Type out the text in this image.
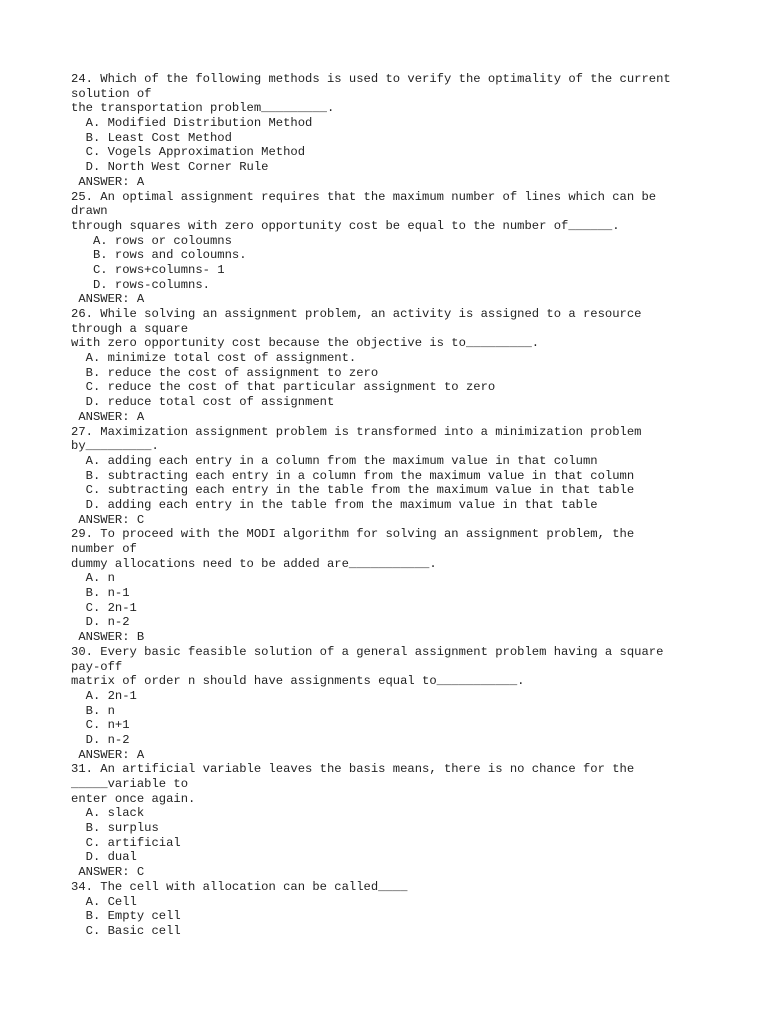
24. Which of the following methods is used to verify the optimality of the current
solution of
the transportation problem_________.
A. Modified Distribution Method
B. Least Cost Method
C. Vogels Approximation Method
D. North West Corner Rule
ANSWER: A
25. An optimal assignment requires that the maximum number of lines which can be
drawn
through squares with zero opportunity cost be equal to the number of______.
A. rows or coloumns
B. rows and coloumns.
C. rows+columns- 1
D. rows-columns.
ANSWER: A
26. While solving an assignment problem, an activity is assigned to a resource
through a square
with zero opportunity cost because the objective is to_________.
A. minimize total cost of assignment.
B. reduce the cost of assignment to zero
C. reduce the cost of that particular assignment to zero
D. reduce total cost of assignment
ANSWER: A
27. Maximization assignment problem is transformed into a minimization problem
by_________.
A. adding each entry in a column from the maximum value in that column
B. subtracting each entry in a column from the maximum value in that column
C. subtracting each entry in the table from the maximum value in that table
D. adding each entry in the table from the maximum value in that table
ANSWER: C
29. To proceed with the MODI algorithm for solving an assignment problem, the
number of
dummy allocations need to be added are___________.
A. n
B. n-1
C. 2n-1
D. n-2
ANSWER: B
30. Every basic feasible solution of a general assignment problem having a square
pay-off
matrix of order n should have assignments equal to___________.
A. 2n-1
B. n
C. n+1
D. n-2
ANSWER: A
31. An artificial variable leaves the basis means, there is no chance for the
_____variable to
enter once again.
A. slack
B. surplus
C. artificial
D. dual
ANSWER: C
34. The cell with allocation can be called____
A. Cell
B. Empty cell
C. Basic cell
